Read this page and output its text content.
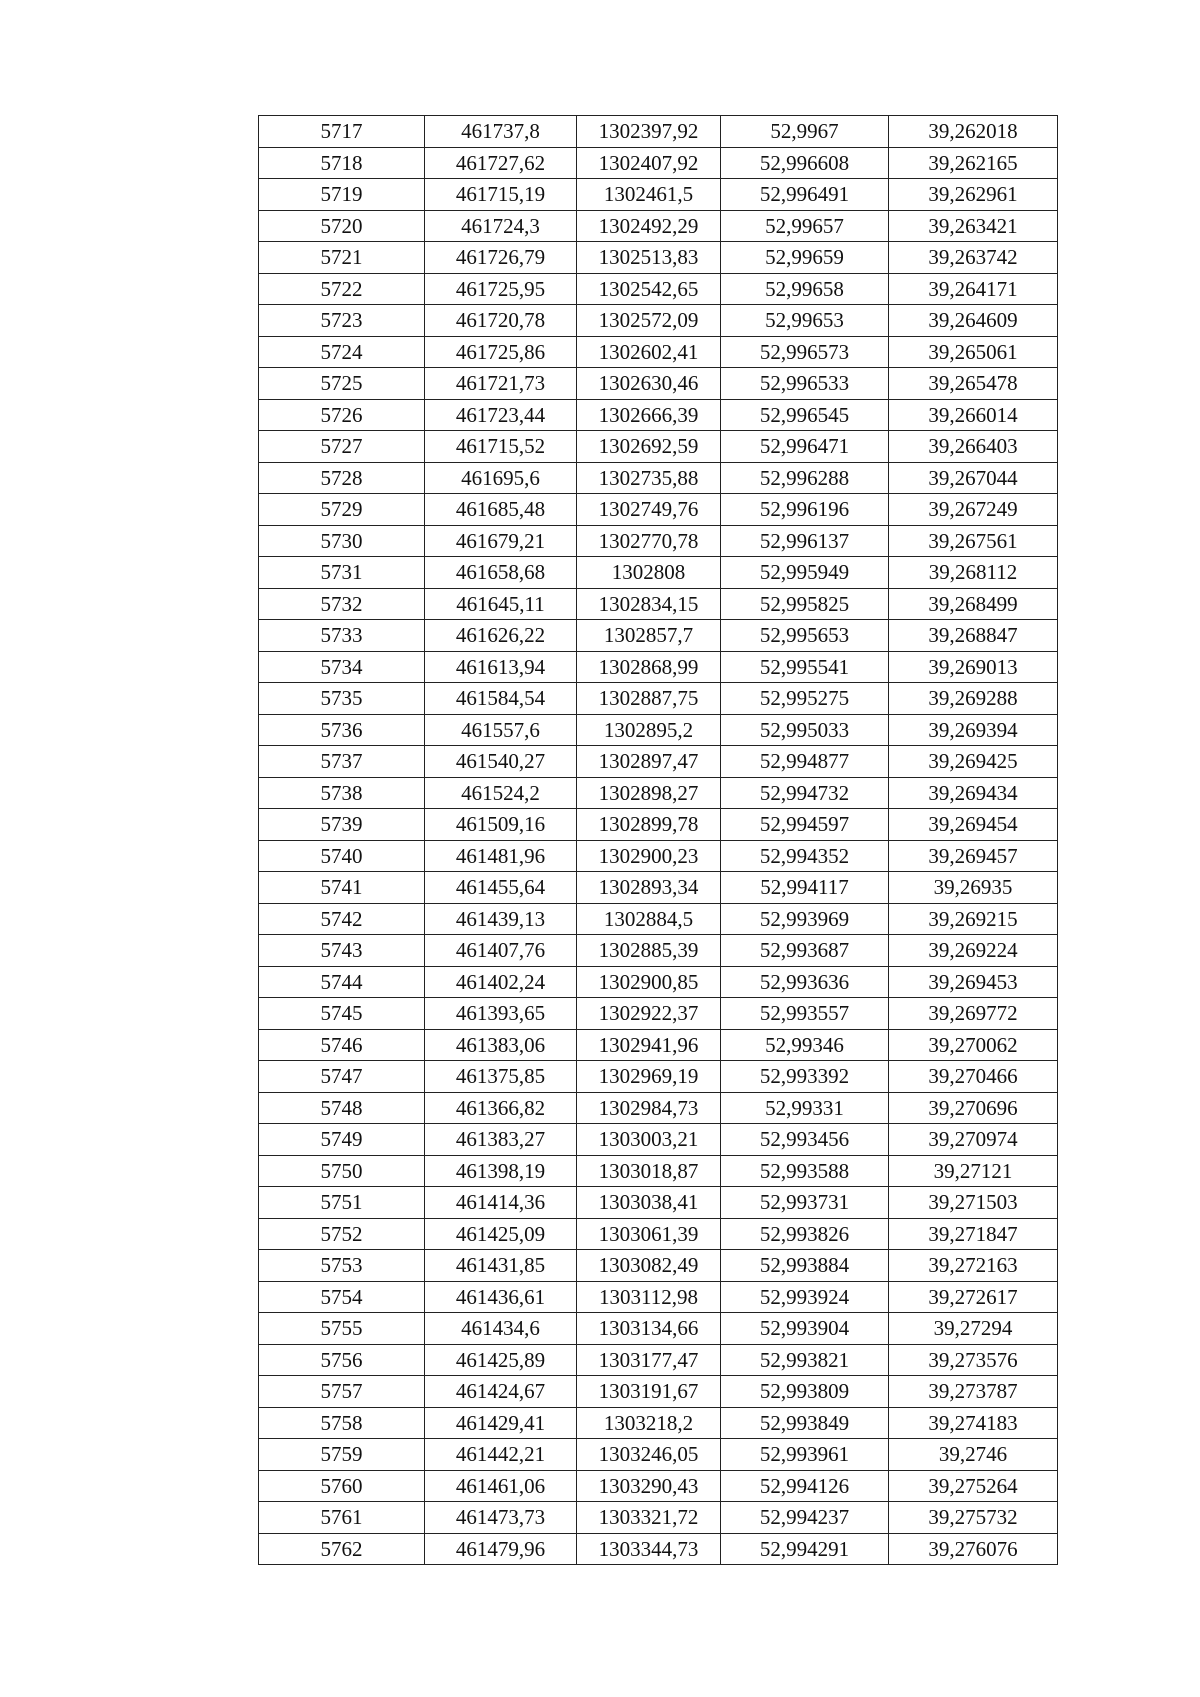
5717	461737,8	1302397,92	52,9967	39,262018
5718	461727,62	1302407,92	52,996608	39,262165
5719	461715,19	1302461,5	52,996491	39,262961
5720	461724,3	1302492,29	52,99657	39,263421
5721	461726,79	1302513,83	52,99659	39,263742
5722	461725,95	1302542,65	52,99658	39,264171
5723	461720,78	1302572,09	52,99653	39,264609
5724	461725,86	1302602,41	52,996573	39,265061
5725	461721,73	1302630,46	52,996533	39,265478
5726	461723,44	1302666,39	52,996545	39,266014
5727	461715,52	1302692,59	52,996471	39,266403
5728	461695,6	1302735,88	52,996288	39,267044
5729	461685,48	1302749,76	52,996196	39,267249
5730	461679,21	1302770,78	52,996137	39,267561
5731	461658,68	1302808	52,995949	39,268112
5732	461645,11	1302834,15	52,995825	39,268499
5733	461626,22	1302857,7	52,995653	39,268847
5734	461613,94	1302868,99	52,995541	39,269013
5735	461584,54	1302887,75	52,995275	39,269288
5736	461557,6	1302895,2	52,995033	39,269394
5737	461540,27	1302897,47	52,994877	39,269425
5738	461524,2	1302898,27	52,994732	39,269434
5739	461509,16	1302899,78	52,994597	39,269454
5740	461481,96	1302900,23	52,994352	39,269457
5741	461455,64	1302893,34	52,994117	39,26935
5742	461439,13	1302884,5	52,993969	39,269215
5743	461407,76	1302885,39	52,993687	39,269224
5744	461402,24	1302900,85	52,993636	39,269453
5745	461393,65	1302922,37	52,993557	39,269772
5746	461383,06	1302941,96	52,99346	39,270062
5747	461375,85	1302969,19	52,993392	39,270466
5748	461366,82	1302984,73	52,99331	39,270696
5749	461383,27	1303003,21	52,993456	39,270974
5750	461398,19	1303018,87	52,993588	39,27121
5751	461414,36	1303038,41	52,993731	39,271503
5752	461425,09	1303061,39	52,993826	39,271847
5753	461431,85	1303082,49	52,993884	39,272163
5754	461436,61	1303112,98	52,993924	39,272617
5755	461434,6	1303134,66	52,993904	39,27294
5756	461425,89	1303177,47	52,993821	39,273576
5757	461424,67	1303191,67	52,993809	39,273787
5758	461429,41	1303218,2	52,993849	39,274183
5759	461442,21	1303246,05	52,993961	39,2746
5760	461461,06	1303290,43	52,994126	39,275264
5761	461473,73	1303321,72	52,994237	39,275732
5762	461479,96	1303344,73	52,994291	39,276076
